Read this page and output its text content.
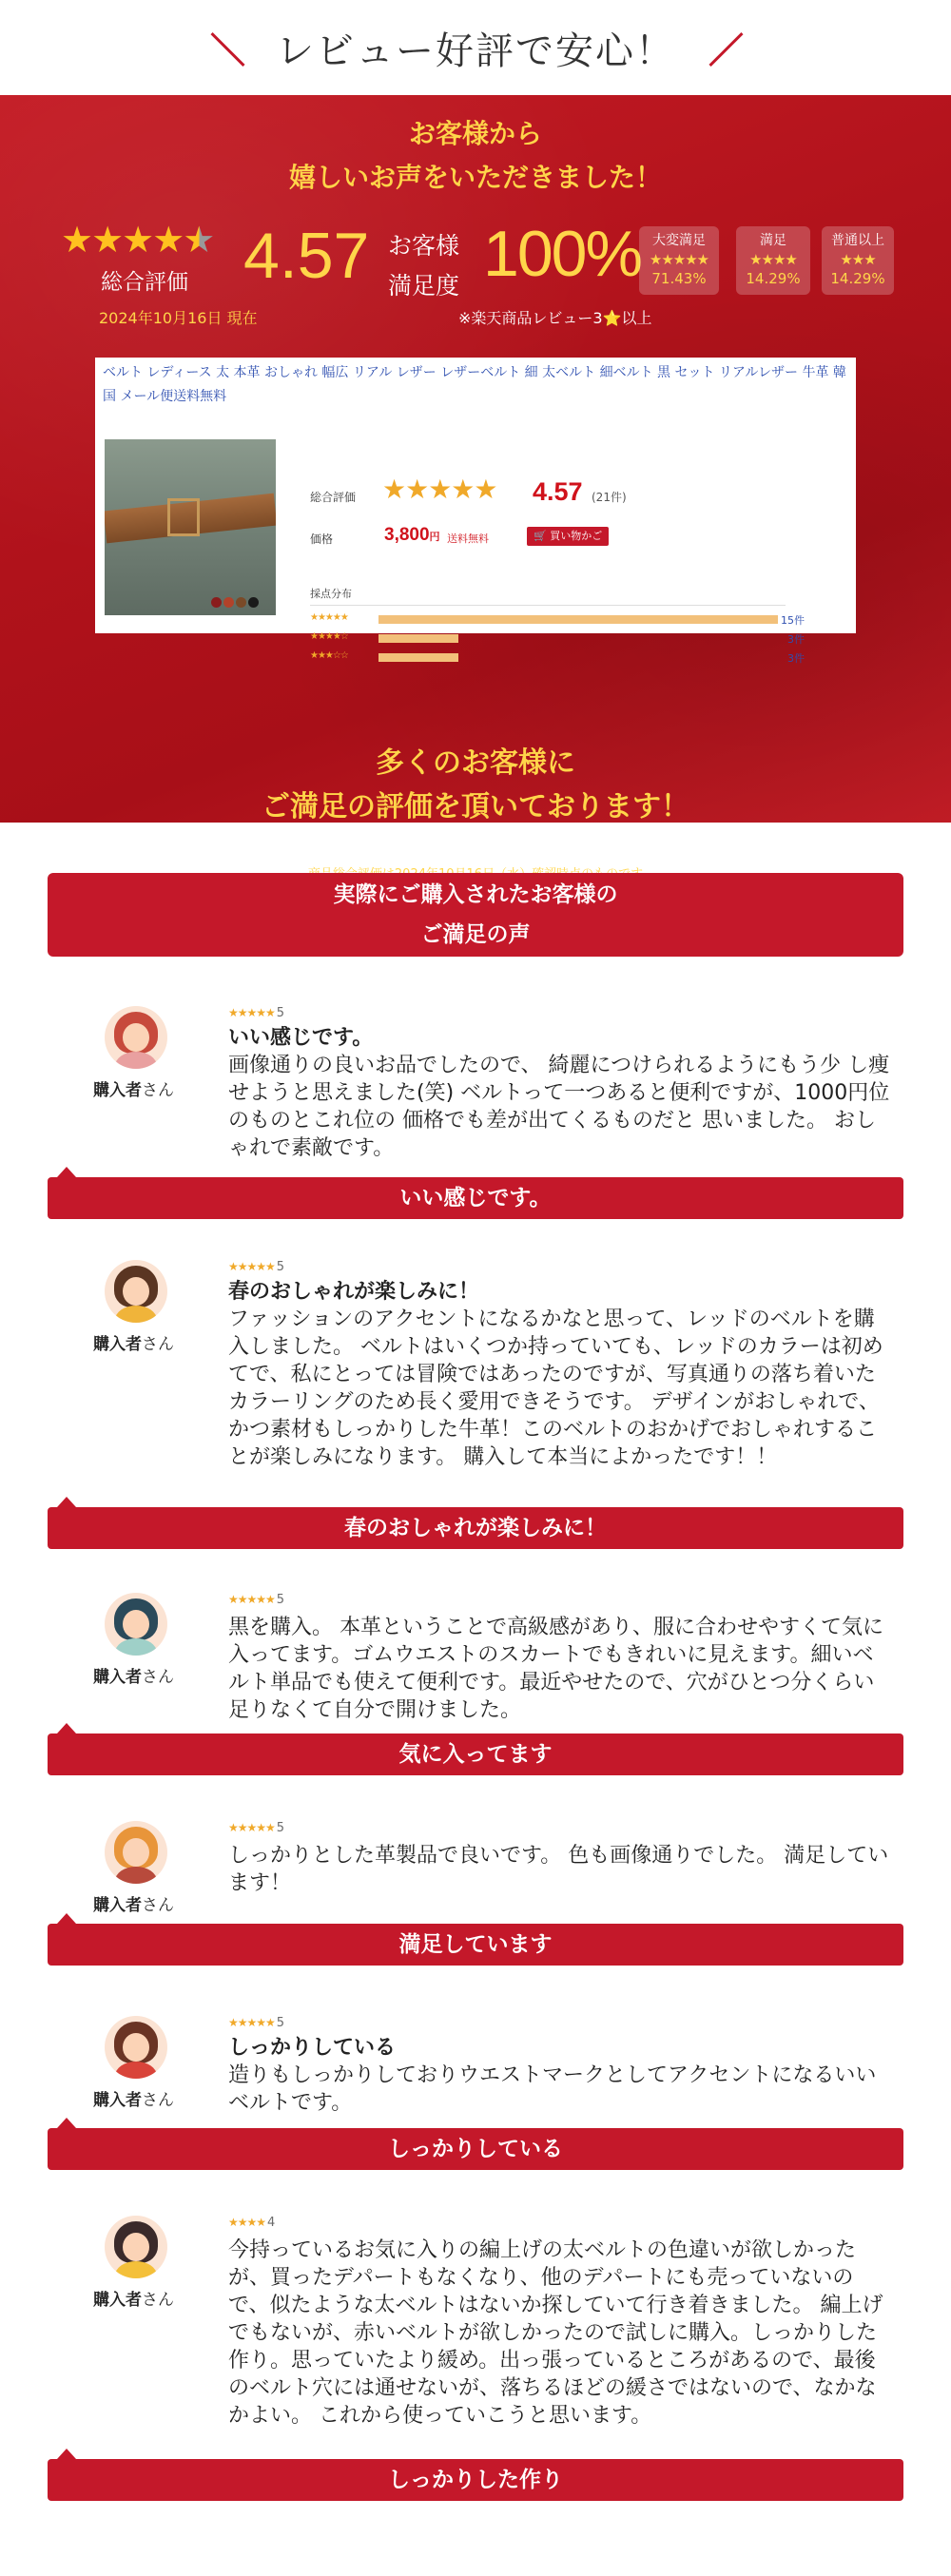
レビュー好評で安心！
お客様から
嬉しいお声をいただきました！
★★★★★
総合評価 4.57 お客様
満足度 100%
2024年10月16日 現在	※楽天商品レビュー3⭐以上
大変満足
★★★★★
71.43%
満足
★★★★
14.29%
普通以上
★★★
14.29%
ベルト レディース 太 本革 おしゃれ 幅広 リアル レザー レザーベルト 細 太ベルト 細ベルト 黒 セット リアルレザー 牛革 韓国 メール便送料無料
総合評価 ★★★★★ 4.57 (21件)
価格	3,800円 送料無料	🛒 買い物かご
採点分布
★★★★★	15件
★★★★☆	3件
★★★☆☆	3件
多くのお客様に
ご満足の評価を頂いております！
実際にご購入されたお客様の
ご満足の声
購入者さん
★★★★★ 5
いい感じです。
画像通りの良いお品でしたので、 綺麗につけられるようにもう少 し痩せようと思えました(笑) ベルトって一つあると便利ですが、1000円位のものとこれ位の 価格でも差が出てくるものだと 思いました。 おしゃれで素敵です。
いい感じです。
購入者さん
★★★★★ 5
春のおしゃれが楽しみに！
ファッションのアクセントになるかなと思って、レッドのベルトを購入しました。 ベルトはいくつか持っていても、レッドのカラーは初めてで、私にとっては冒険ではあったのですが、写真通りの落ち着いたカラーリングのため長く愛用できそうです。 デザインがおしゃれで、かつ素材もしっかりした牛革！このベルトのおかげでおしゃれすることが楽しみになります。 購入して本当によかったです！！
春のおしゃれが楽しみに！
購入者さん
★★★★★ 5
黒を購入。 本革ということで高級感があり、服に合わせやすくて気に入ってます。ゴムウエストのスカートでもきれいに見えます。細いベルト単品でも使えて便利です。最近やせたので、穴がひとつ分くらい足りなくて自分で開けました。
気に入ってます
購入者さん
★★★★★ 5
しっかりとした革製品で良いです。 色も画像通りでした。 満足しています！
満足しています
購入者さん
★★★★★ 5
しっかりしている
造りもしっかりしておりウエストマークとしてアクセントになるいいベルトです。
しっかりしている
購入者さん
★★★★ 4
今持っているお気に入りの編上げの太ベルトの色違いが欲しかったが、買ったデパートもなくなり、他のデパートにも売っていないので、似たような太ベルトはないか探していて行き着きました。 編上げでもないが、赤いベルトが欲しかったので試しに購入。しっかりした作り。思っていたより緩め。出っ張っているところがあるので、最後のベルト穴には通せないが、落ちるほどの緩さではないので、なかなかよい。 これから使っていこうと思います。
しっかりした作り
